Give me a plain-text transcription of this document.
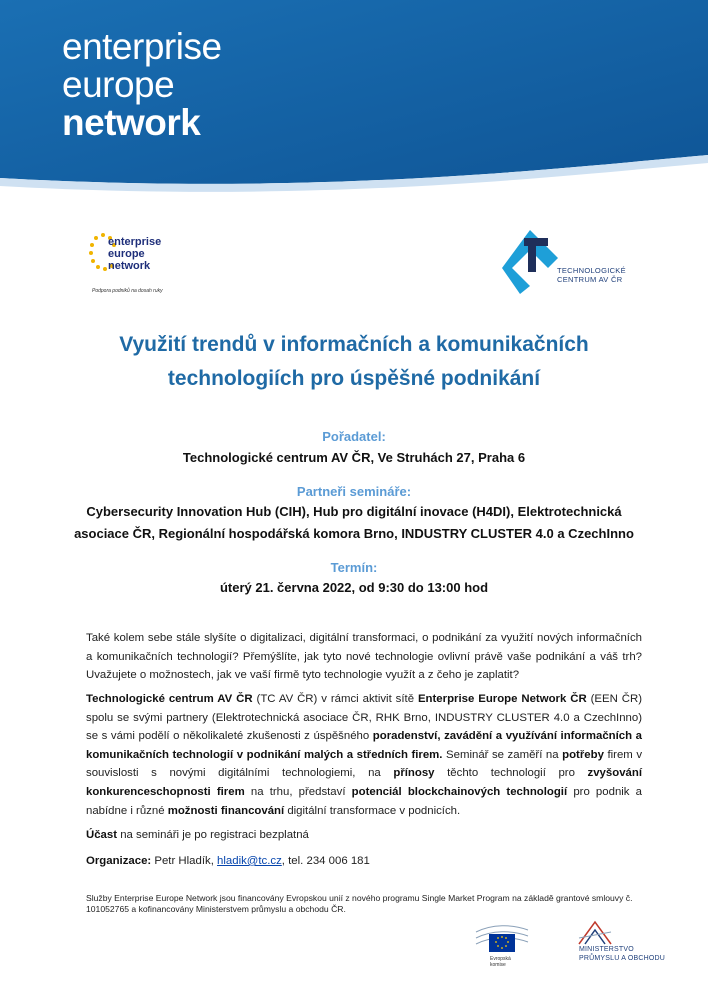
enterprise
europe
network
enterprise
europe
network
Podpora podniků na dosah ruky
TECHNOLOGICKÉ
CENTRUM AV ČR
Využití trendů v informačních a komunikačních
technologiích pro úspěšné podnikání
Pořadatel:
Technologické centrum AV ČR, Ve Struhách 27, Praha 6
Partneři semináře:
Cybersecurity Innovation Hub (CIH), Hub pro digitální inovace (H4DI), Elektrotechnická
asociace ČR, Regionální hospodářská komora Brno, INDUSTRY CLUSTER 4.0 a CzechInno
Termín:
úterý 21. června 2022, od 9:30 do 13:00 hod
Také kolem sebe stále slyšíte o digitalizaci, digitální transformaci, o podnikání za využití nových informačních a komunikačních technologií? Přemýšlíte, jak tyto nové technologie ovlivní právě vaše podnikání a váš trh? Uvažujete o možnostech, jak ve vaší firmě tyto technologie využít a z čeho je zaplatit?
Technologické centrum AV ČR (TC AV ČR) v rámci aktivit sítě Enterprise Europe Network ČR (EEN ČR) spolu se svými partnery (Elektrotechnická asociace ČR, RHK Brno, INDUSTRY CLUSTER 4.0 a CzechInno) se s vámi podělí o několikaleté zkušenosti z úspěšného poradenství, zavádění a využívání informačních a komunikačních technologií v podnikání malých a středních firem. Seminář se zaměří na potřeby firem v souvislosti s novými digitálními technologiemi, na přínosy těchto technologií pro zvyšování konkurenceschopnosti firem na trhu, představí potenciál blockchainových technologií pro podnik a nabídne i různé možnosti financování digitální transformace v podnicích.
Účast na semináři je po registraci bezplatná
Organizace: Petr Hladík, hladik@tc.cz, tel. 234 006 181
Služby Enterprise Europe Network jsou financovány Evropskou unií z nového programu Single Market Program na základě grantové smlouvy č. 101052765 a kofinancovány Ministerstvem průmyslu a obchodu ČR.
Evropská
komise
MINISTERSTVO
PRŮMYSLU A OBCHODU
